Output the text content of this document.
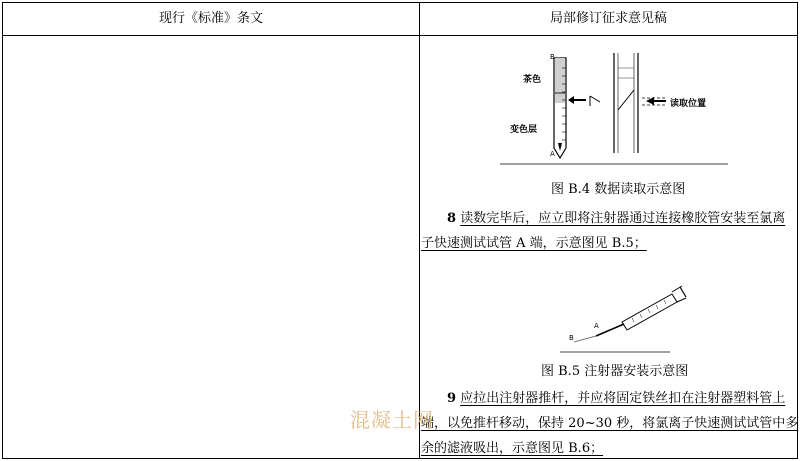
现行《标准》条文	局部修订征求意见稿
B
茶色
变色层
A
读取位置
图 B.4 数据读取示意图
8 读数完毕后，应立即将注射器通过连接橡胶管安装至氯离
子快速测试试管 A 端，示意图见 B.5；
B
A
图 B.5 注射器安装示意图
9 应拉出注射器推杆，并应将固定铁丝扣在注射器塑料管上
端，以免推杆移动，保持 20~30 秒，将氯离子快速测试试管中多
余的滤液吸出，示意图见 B.6；
混凝土网
